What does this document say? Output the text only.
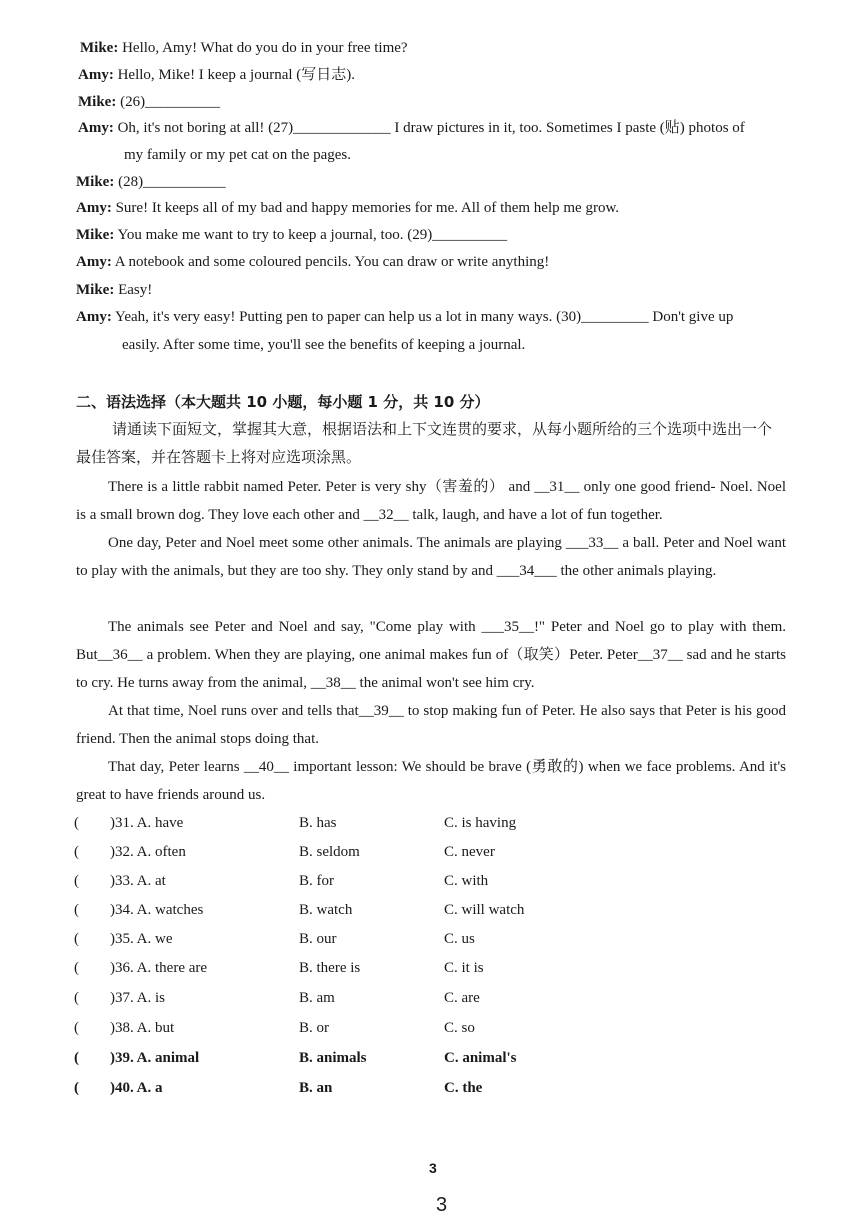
Mike: Hello, Amy! What do you do in your free time?
Amy: Hello, Mike! I keep a journal (写日志).
Mike: (26)__________
Amy: Oh, it's not boring at all! (27)_____________ I draw pictures in it, too. Sometimes I paste (贴) photos of
my family or my pet cat on the pages.
Mike: (28)___________
Amy: Sure! It keeps all of my bad and happy memories for me. All of them help me grow.
Mike: You make me want to try to keep a journal, too. (29)__________
Amy: A notebook and some coloured pencils. You can draw or write anything!
Mike: Easy!
Amy: Yeah, it's very easy! Putting pen to paper can help us a lot in many ways. (30)_________ Don't give up
easily. After some time, you'll see the benefits of keeping a journal.
二、语法选择（本大题共 10 小题，每小题 1 分，共 10 分）
请通读下面短文，掌握其大意，根据语法和上下文连贯的要求，从每小题所给的三个选项中选出一个最佳答案，并在答题卡上将对应选项涂黑。
There is a little rabbit named Peter. Peter is very shy（害羞的） and __31__ only one good friend- Noel. Noel is a small brown dog. They love each other and __32__ talk, laugh, and have a lot of fun together.
One day, Peter and Noel meet some other animals. The animals are playing ___33__ a ball. Peter and Noel want to play with the animals, but they are too shy. They only stand by and ___34___ the other animals playing.
The animals see Peter and Noel and say, "Come play with ___35__!" Peter and Noel go to play with them. But__36__ a problem. When they are playing, one animal makes fun of（取笑）Peter. Peter__37__ sad and he starts to cry. He turns away from the animal, __38__ the animal won't see him cry.
At that time, Noel runs over and tells that__39__ to stop making fun of Peter. He also says that Peter is his good friend. Then the animal stops doing that.
That day, Peter learns __40__ important lesson: We should be brave (勇敢的) when we face problems. And it's great to have friends around us.
( )31. A. have	B. has	C. is having
( )32. A. often	B. seldom	C. never
( )33. A. at	B. for	C. with
( )34. A. watches	B. watch	C. will watch
( )35. A. we	B. our	C. us
( )36. A. there are	B. there is	C. it is
( )37. A. is	B. am	C. are
( )38. A. but	B. or	C. so
( )39. A. animal	B. animals	C. animal's
( )40. A. a	B. an	C. the
3
3
